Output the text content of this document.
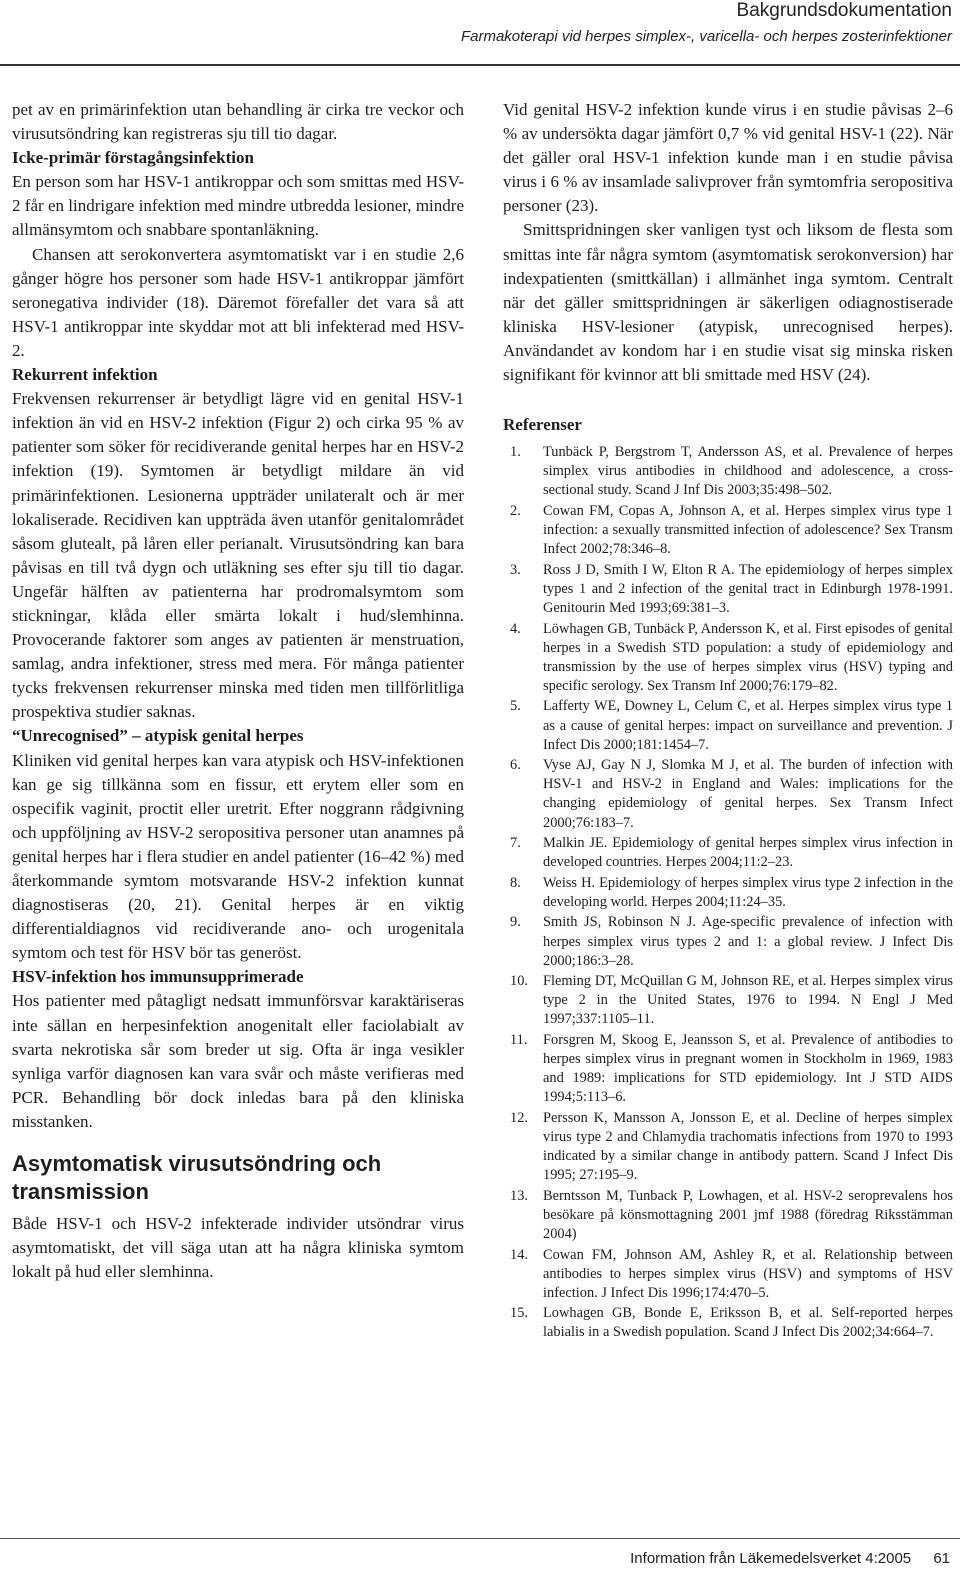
Bakgrundsdokumentation
Farmakoterapi vid herpes simplex-, varicella- och herpes zosterinfektioner

pet av en primärinfektion utan behandling är cirka tre veckor och virusutsöndring kan registreras sju till tio dagar.

Icke-primär förstagångsinfektion

En person som har HSV-1 antikroppar och som smittas med HSV-2 får en lindrigare infektion med mindre utbredda lesioner, mindre allmänsymtom och snabbare spontanläkning.

Chansen att serokonvertera asymtomatiskt var i en studie 2,6 gånger högre hos personer som hade HSV-1 antikroppar jämfört seronegativa individer (18). Däremot förefaller det vara så att HSV-1 antikroppar inte skyddar mot att bli infekterad med HSV-2.

Rekurrent infektion

Frekvensen rekurrenser är betydligt lägre vid en genital HSV-1 infektion än vid en HSV-2 infektion (Figur 2) och cirka 95 % av patienter som söker för recidiverande genital herpes har en HSV-2 infektion (19). Symtomen är betydligt mildare än vid primärinfektionen. Lesionerna uppträder unilateralt och är mer lokaliserade. Recidiven kan uppträda även utanför genitalområdet såsom glutealt, på låren eller perianalt. Virusutsöndring kan bara påvisas en till två dygn och utläkning ses efter sju till tio dagar. Ungefär hälften av patienterna har prodromalsymtom som stickningar, klåda eller smärta lokalt i hud/slemhinna. Provocerande faktorer som anges av patienten är menstruation, samlag, andra infektioner, stress med mera. För många patienter tycks frekvensen rekurrenser minska med tiden men tillförlitliga prospektiva studier saknas.

“Unrecognised” – atypisk genital herpes

Kliniken vid genital herpes kan vara atypisk och HSV-infektionen kan ge sig tillkänna som en fissur, ett erytem eller som en ospecifik vaginit, proctit eller uretrit. Efter noggrann rådgivning och uppföljning av HSV-2 seropositiva personer utan anamnes på genital herpes har i flera studier en andel patienter (16–42 %) med återkommande symtom motsvarande HSV-2 infektion kunnat diagnostiseras (20, 21). Genital herpes är en viktig differentialdiagnos vid recidiverande ano- och urogenitala symtom och test för HSV bör tas generöst.

HSV-infektion hos immunsupprimerade

Hos patienter med påtagligt nedsatt immunförsvar karaktäriseras inte sällan en herpesinfektion anogenitalt eller faciolabialt av svarta nekrotiska sår som breder ut sig. Ofta är inga vesikler synliga varför diagnosen kan vara svår och måste verifieras med PCR. Behandling bör dock inledas bara på den kliniska misstanken.

Asymtomatisk virusutsöndring och transmission

Både HSV-1 och HSV-2 infekterade individer utsöndrar virus asymtomatiskt, det vill säga utan att ha några kliniska symtom lokalt på hud eller slemhinna.

Vid genital HSV-2 infektion kunde virus i en studie påvisas 2–6 % av undersökta dagar jämfört 0,7 % vid genital HSV-1 (22). När det gäller oral HSV-1 infektion kunde man i en studie påvisa virus i 6 % av insamlade salivprover från symtomfria seropositiva personer (23).

Smittspridningen sker vanligen tyst och liksom de flesta som smittas inte får några symtom (asymtomatisk serokonversion) har indexpatienten (smittkällan) i allmänhet inga symtom. Centralt när det gäller smittspridningen är säkerligen odiagnostiserade kliniska HSV-lesioner (atypisk, unrecognised herpes). Användandet av kondom har i en studie visat sig minska risken signifikant för kvinnor att bli smittade med HSV (24).

Referenser
1.	Tunbäck P, Bergstrom T, Andersson AS, et al. Prevalence of herpes simplex virus antibodies in childhood and adolescence, a cross-sectional study. Scand J Inf Dis 2003;35:498–502.
2.	Cowan FM, Copas A, Johnson A, et al. Herpes simplex virus type 1 infection: a sexually transmitted infection of adolescence? Sex Transm Infect 2002;78:346–8.
3.	Ross J D, Smith I W, Elton R A. The epidemiology of herpes simplex types 1 and 2 infection of the genital tract in Edinburgh 1978-1991. Genitourin Med 1993;69:381–3.
4.	Löwhagen GB, Tunbäck P, Andersson K, et al. First episodes of genital herpes in a Swedish STD population: a study of epidemiology and transmission by the use of herpes simplex virus (HSV) typing and specific serology. Sex Transm Inf 2000;76:179–82.
5.	Lafferty WE, Downey L, Celum C, et al. Herpes simplex virus type 1 as a cause of genital herpes: impact on surveillance and prevention. J Infect Dis 2000;181:1454–7.
6.	Vyse AJ, Gay N J, Slomka M J, et al. The burden of infection with HSV-1 and HSV-2 in England and Wales: implications for the changing epidemiology of genital herpes. Sex Transm Infect 2000;76:183–7.
7.	Malkin JE. Epidemiology of genital herpes simplex virus infection in developed countries. Herpes 2004;11:2–23.
8.	Weiss H. Epidemiology of herpes simplex virus type 2 infection in the developing world. Herpes 2004;11:24–35.
9.	Smith JS, Robinson N J. Age-specific prevalence of infection with herpes simplex virus types 2 and 1: a global review. J Infect Dis 2000;186:3–28.
10.	Fleming DT, McQuillan G M, Johnson RE, et al. Herpes simplex virus type 2 in the United States, 1976 to 1994. N Engl J Med 1997;337:1105–11.
11.	Forsgren M, Skoog E, Jeansson S, et al. Prevalence of antibodies to herpes simplex virus in pregnant women in Stockholm in 1969, 1983 and 1989: implications for STD epidemiology. Int J STD AIDS 1994;5:113–6.
12.	Persson K, Mansson A, Jonsson E, et al. Decline of herpes simplex virus type 2 and Chlamydia trachomatis infections from 1970 to 1993 indicated by a similar change in antibody pattern. Scand J Infect Dis 1995; 27:195–9.
13.	Berntsson M, Tunback P, Lowhagen, et al. HSV-2 seroprevalens hos besökare på könsmottagning 2001 jmf 1988 (föredrag Riksstämman 2004)
14.	Cowan FM, Johnson AM, Ashley R, et al. Relationship between antibodies to herpes simplex virus (HSV) and symptoms of HSV infection. J Infect Dis 1996;174:470–5.
15.	Lowhagen GB, Bonde E, Eriksson B, et al. Self-reported herpes labialis in a Swedish population. Scand J Infect Dis 2002;34:664–7.
Information från Läkemedelsverket 4:2005 61
